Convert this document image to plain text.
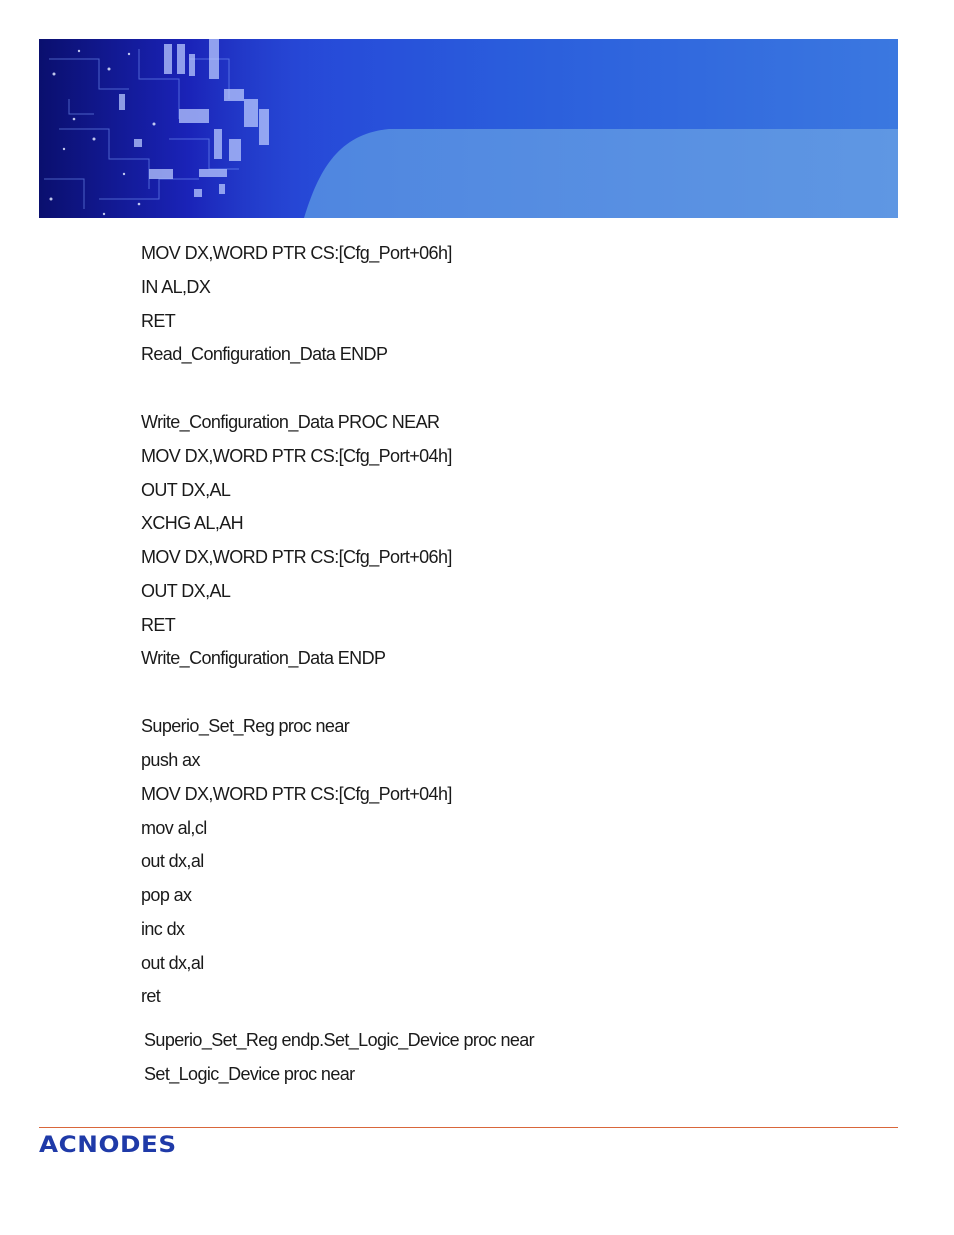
MOV DX,WORD PTR CS:[Cfg_Port+06h]
IN AL,DX
RET
Read_Configuration_Data ENDP
Write_Configuration_Data PROC NEAR
MOV DX,WORD PTR CS:[Cfg_Port+04h]
OUT DX,AL
XCHG AL,AH
MOV DX,WORD PTR CS:[Cfg_Port+06h]
OUT DX,AL
RET
Write_Configuration_Data ENDP
Superio_Set_Reg proc near
push ax
MOV DX,WORD PTR CS:[Cfg_Port+04h]
mov al,cl
out dx,al
pop ax
inc dx
out dx,al
ret
Superio_Set_Reg endp.Set_Logic_Device proc near
Set_Logic_Device proc near
ACNODES
